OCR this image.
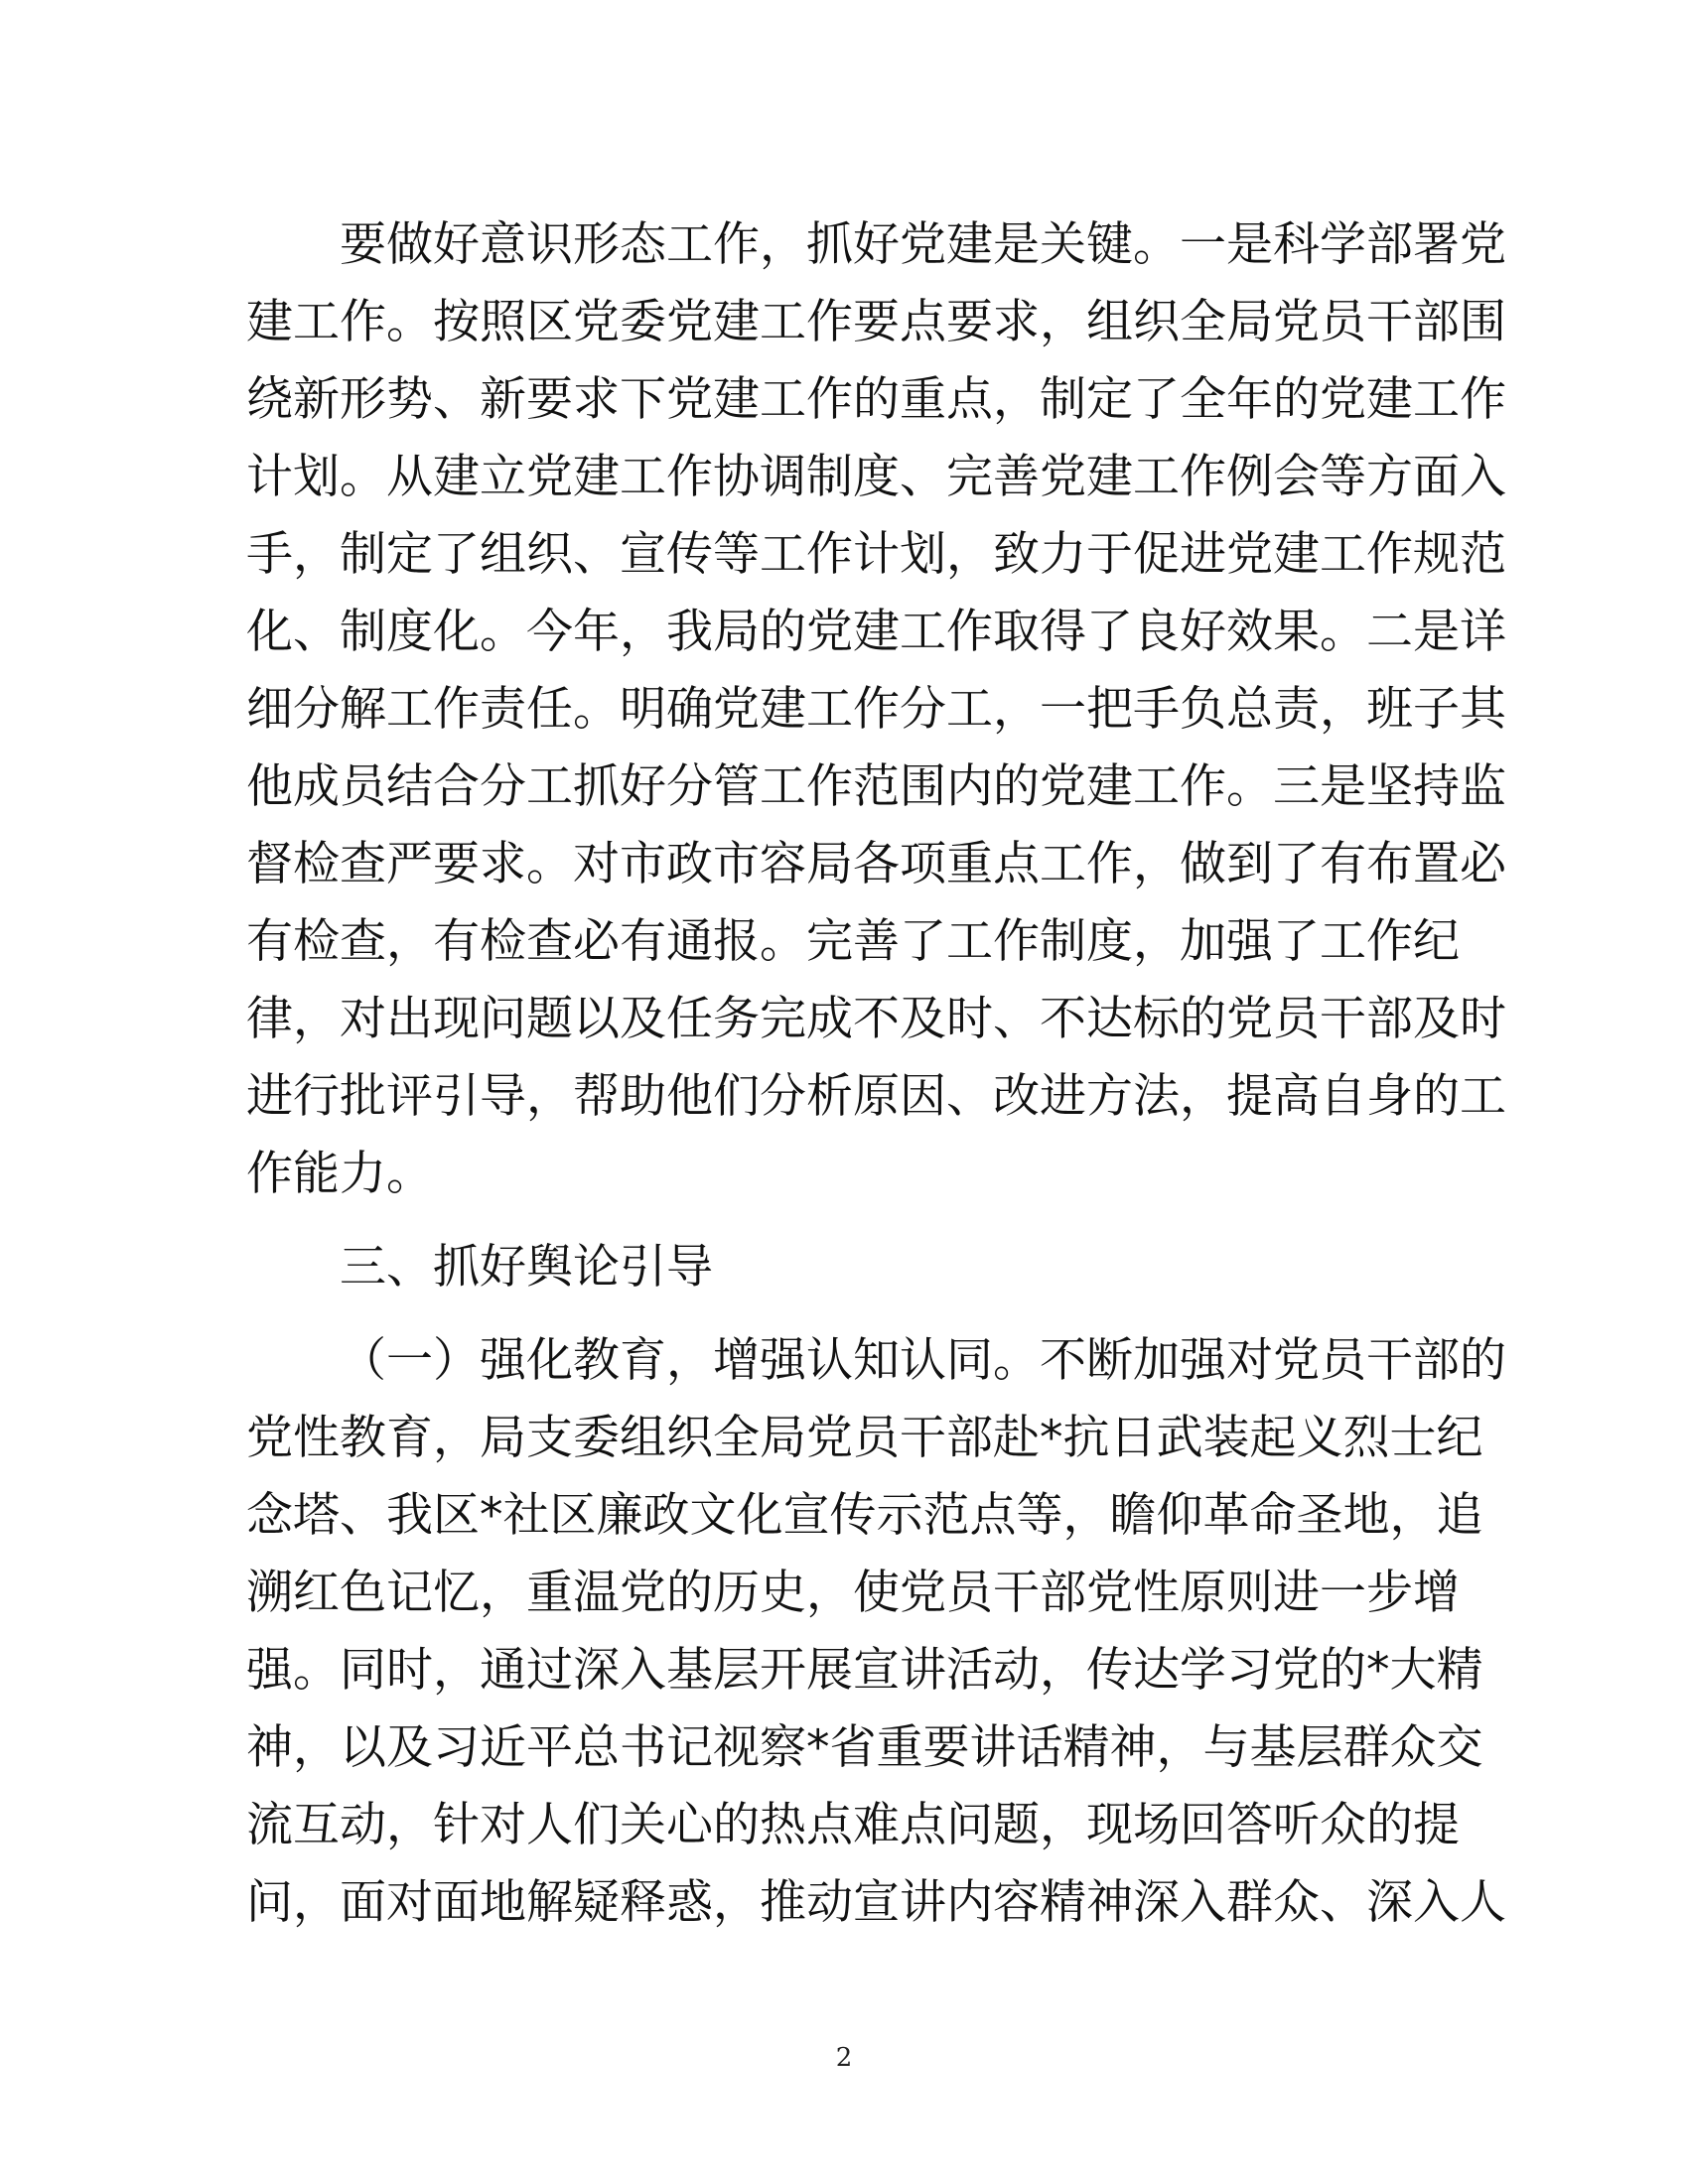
要做好意识形态工作，抓好党建是关键。一是科学部署党
建工作。按照区党委党建工作要点要求，组织全局党员干部围
绕新形势、新要求下党建工作的重点，制定了全年的党建工作
计划。从建立党建工作协调制度、完善党建工作例会等方面入
手，制定了组织、宣传等工作计划，致力于促进党建工作规范
化、制度化。今年，我局的党建工作取得了良好效果。二是详
细分解工作责任。明确党建工作分工，一把手负总责，班子其
他成员结合分工抓好分管工作范围内的党建工作。三是坚持监
督检查严要求。对市政市容局各项重点工作，做到了有布置必
有检查，有检查必有通报。完善了工作制度，加强了工作纪
律，对出现问题以及任务完成不及时、不达标的党员干部及时
进行批评引导，帮助他们分析原因、改进方法，提高自身的工
作能力。
三、抓好舆论引导
（一）强化教育，增强认知认同。不断加强对党员干部的
党性教育，局支委组织全局党员干部赴*抗日武装起义烈士纪
念塔、我区*社区廉政文化宣传示范点等，瞻仰革命圣地，追
溯红色记忆，重温党的历史，使党员干部党性原则进一步增
强。同时，通过深入基层开展宣讲活动，传达学习党的*大精
神，以及习近平总书记视察*省重要讲话精神，与基层群众交
流互动，针对人们关心的热点难点问题，现场回答听众的提
问，面对面地解疑释惑，推动宣讲内容精神深入群众、深入人
2
